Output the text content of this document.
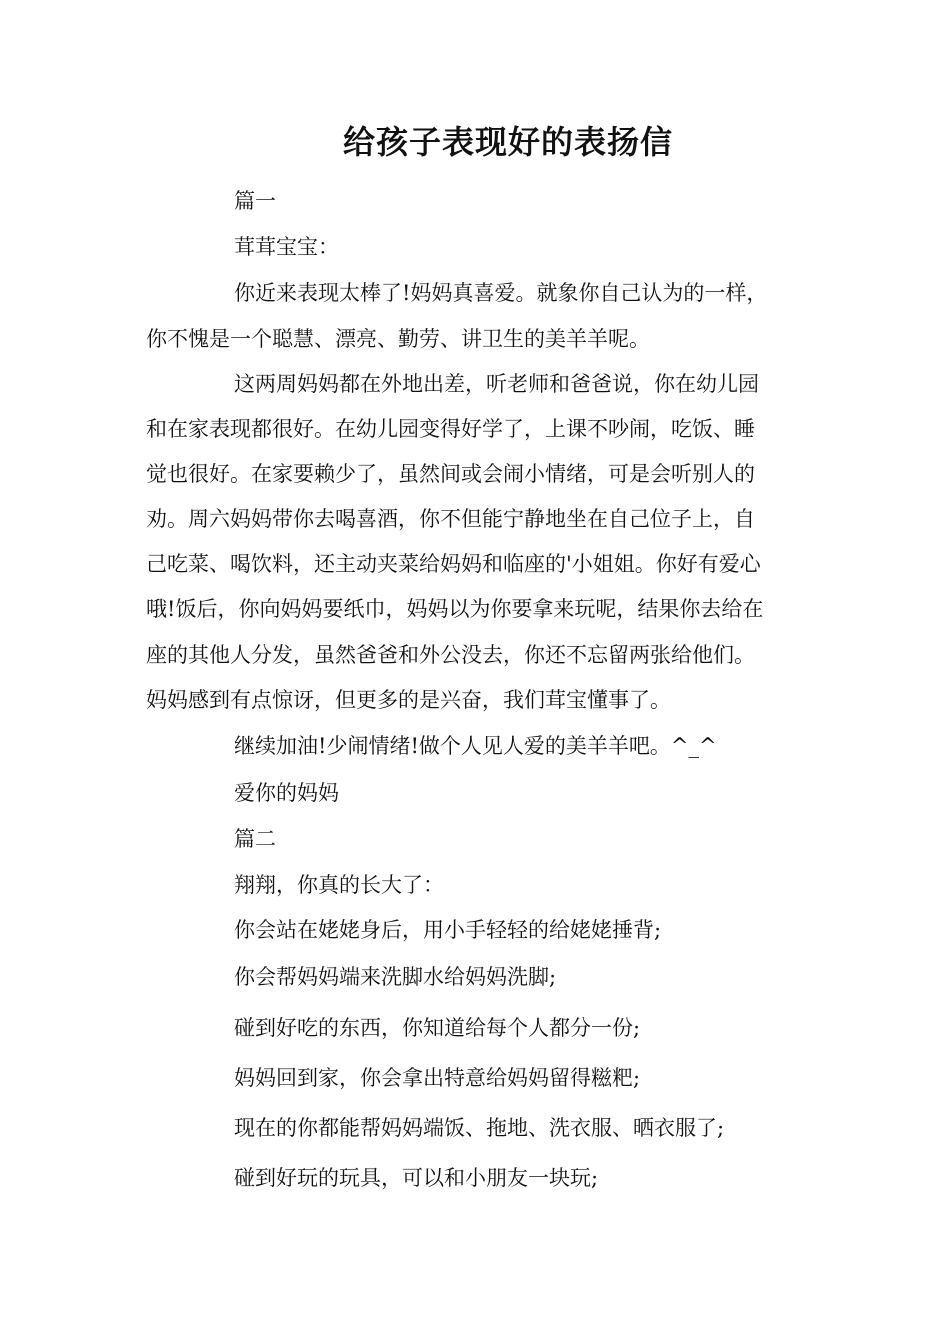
给孩子表现好的表扬信

篇一

茸茸宝宝：

你近来表现太棒了!妈妈真喜爱。就象你自己认为的一样，

你不愧是一个聪慧、漂亮、勤劳、讲卫生的美羊羊呢。

这两周妈妈都在外地出差，听老师和爸爸说，你在幼儿园

和在家表现都很好。在幼儿园变得好学了，上课不吵闹，吃饭、睡

觉也很好。在家要赖少了，虽然间或会闹小情绪，可是会听别人的

劝。周六妈妈带你去喝喜酒，你不但能宁静地坐在自己位子上，自

己吃菜、喝饮料，还主动夹菜给妈妈和临座的'小姐姐。你好有爱心

哦!饭后，你向妈妈要纸巾，妈妈以为你要拿来玩呢，结果你去给在

座的其他人分发，虽然爸爸和外公没去，你还不忘留两张给他们。

妈妈感到有点惊讶，但更多的是兴奋，我们茸宝懂事了。

继续加油!少闹情绪!做个人见人爱的美羊羊吧。^_^

爱你的妈妈

篇二

翔翔，你真的长大了：

你会站在姥姥身后，用小手轻轻的给姥姥捶背;

你会帮妈妈端来洗脚水给妈妈洗脚;

碰到好吃的东西，你知道给每个人都分一份;

妈妈回到家，你会拿出特意给妈妈留得糍粑;

现在的你都能帮妈妈端饭、拖地、洗衣服、晒衣服了;

碰到好玩的玩具，可以和小朋友一块玩;
